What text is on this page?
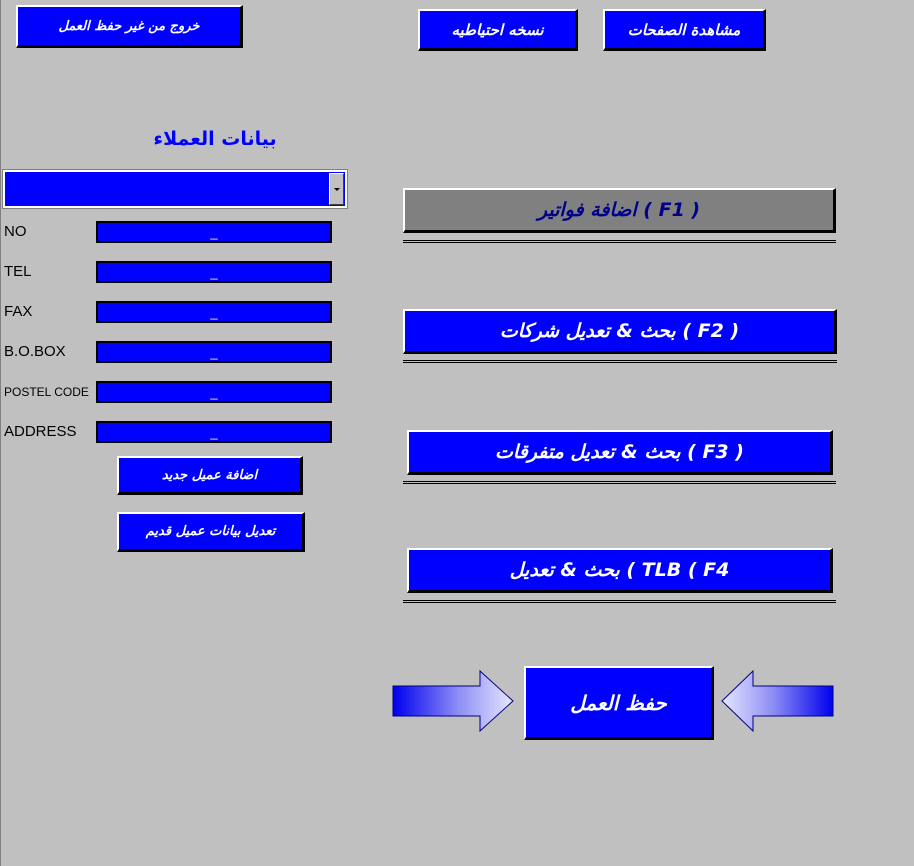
خروج من غير حفظ العمل	نسخه احتياطيه	مشاهدة الصفحات
بيانات العملاء
NO	_
TEL	_
FAX	_
B.O.BOX	_
POSTEL CODE	_
ADDRESS	_
اضافة عميل جديد
تعديل بيانات عميل قديم
اضافة فواتير ( F1 )
بحث & تعديل شركات ( F2 )
بحث & تعديل متفرقات ( F3 )
بحث & تعديل ( TLB ( F4
حفظ العمل
